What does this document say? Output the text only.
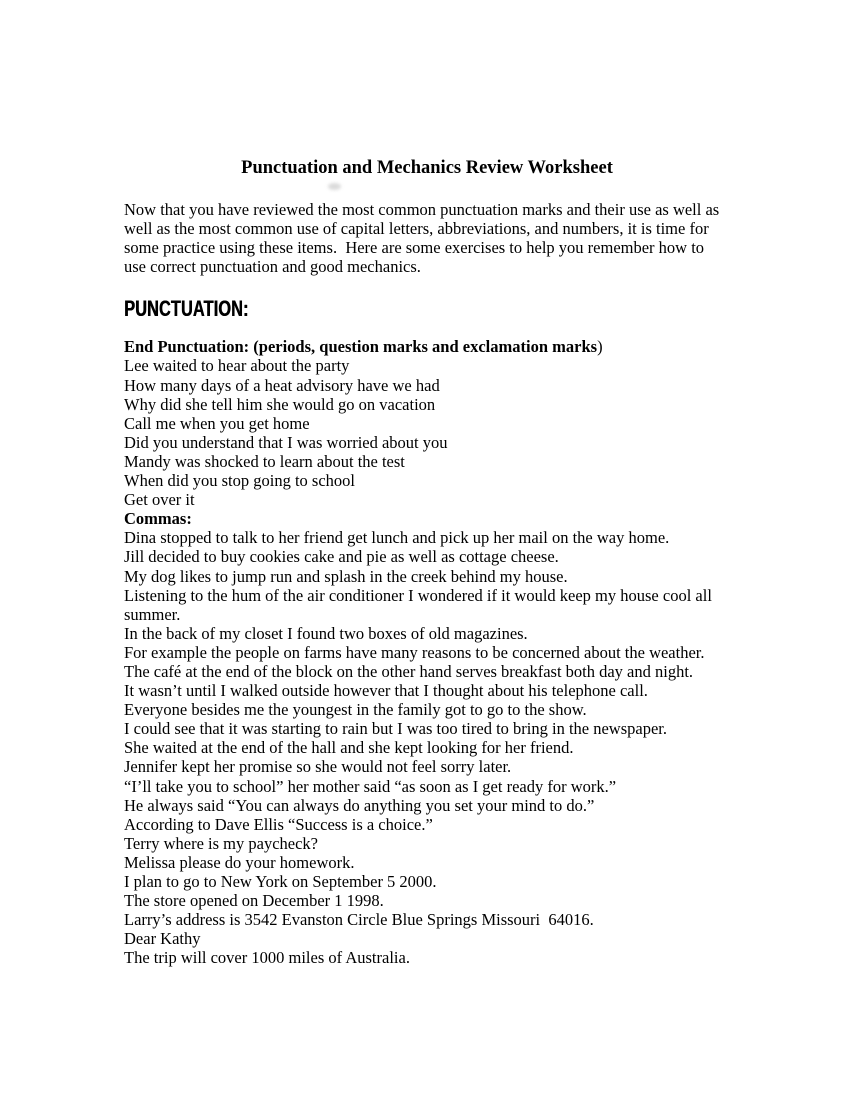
Punctuation and Mechanics Review Worksheet

Now that you have reviewed the most common punctuation marks and their use as well as well as the most common use of capital letters, abbreviations, and numbers, it is time for some practice using these items.  Here are some exercises to help you remember how to use correct punctuation and good mechanics.

PUNCTUATION:
End Punctuation: (periods, question marks and exclamation marks)
Lee waited to hear about the party
How many days of a heat advisory have we had
Why did she tell him she would go on vacation
Call me when you get home
Did you understand that I was worried about you
Mandy was shocked to learn about the test
When did you stop going to school
Get over it
Commas:
Dina stopped to talk to her friend get lunch and pick up her mail on the way home.
Jill decided to buy cookies cake and pie as well as cottage cheese.
My dog likes to jump run and splash in the creek behind my house.
Listening to the hum of the air conditioner I wondered if it would keep my house cool all summer.
In the back of my closet I found two boxes of old magazines.
For example the people on farms have many reasons to be concerned about the weather.
The café at the end of the block on the other hand serves breakfast both day and night.
It wasn’t until I walked outside however that I thought about his telephone call.
Everyone besides me the youngest in the family got to go to the show.
I could see that it was starting to rain but I was too tired to bring in the newspaper.
She waited at the end of the hall and she kept looking for her friend.
Jennifer kept her promise so she would not feel sorry later.
“I’ll take you to school” her mother said “as soon as I get ready for work.”
He always said “You can always do anything you set your mind to do.”
According to Dave Ellis “Success is a choice.”
Terry where is my paycheck?
Melissa please do your homework.
I plan to go to New York on September 5 2000.
The store opened on December 1 1998.
Larry’s address is 3542 Evanston Circle Blue Springs Missouri  64016.
Dear Kathy
The trip will cover 1000 miles of Australia.
